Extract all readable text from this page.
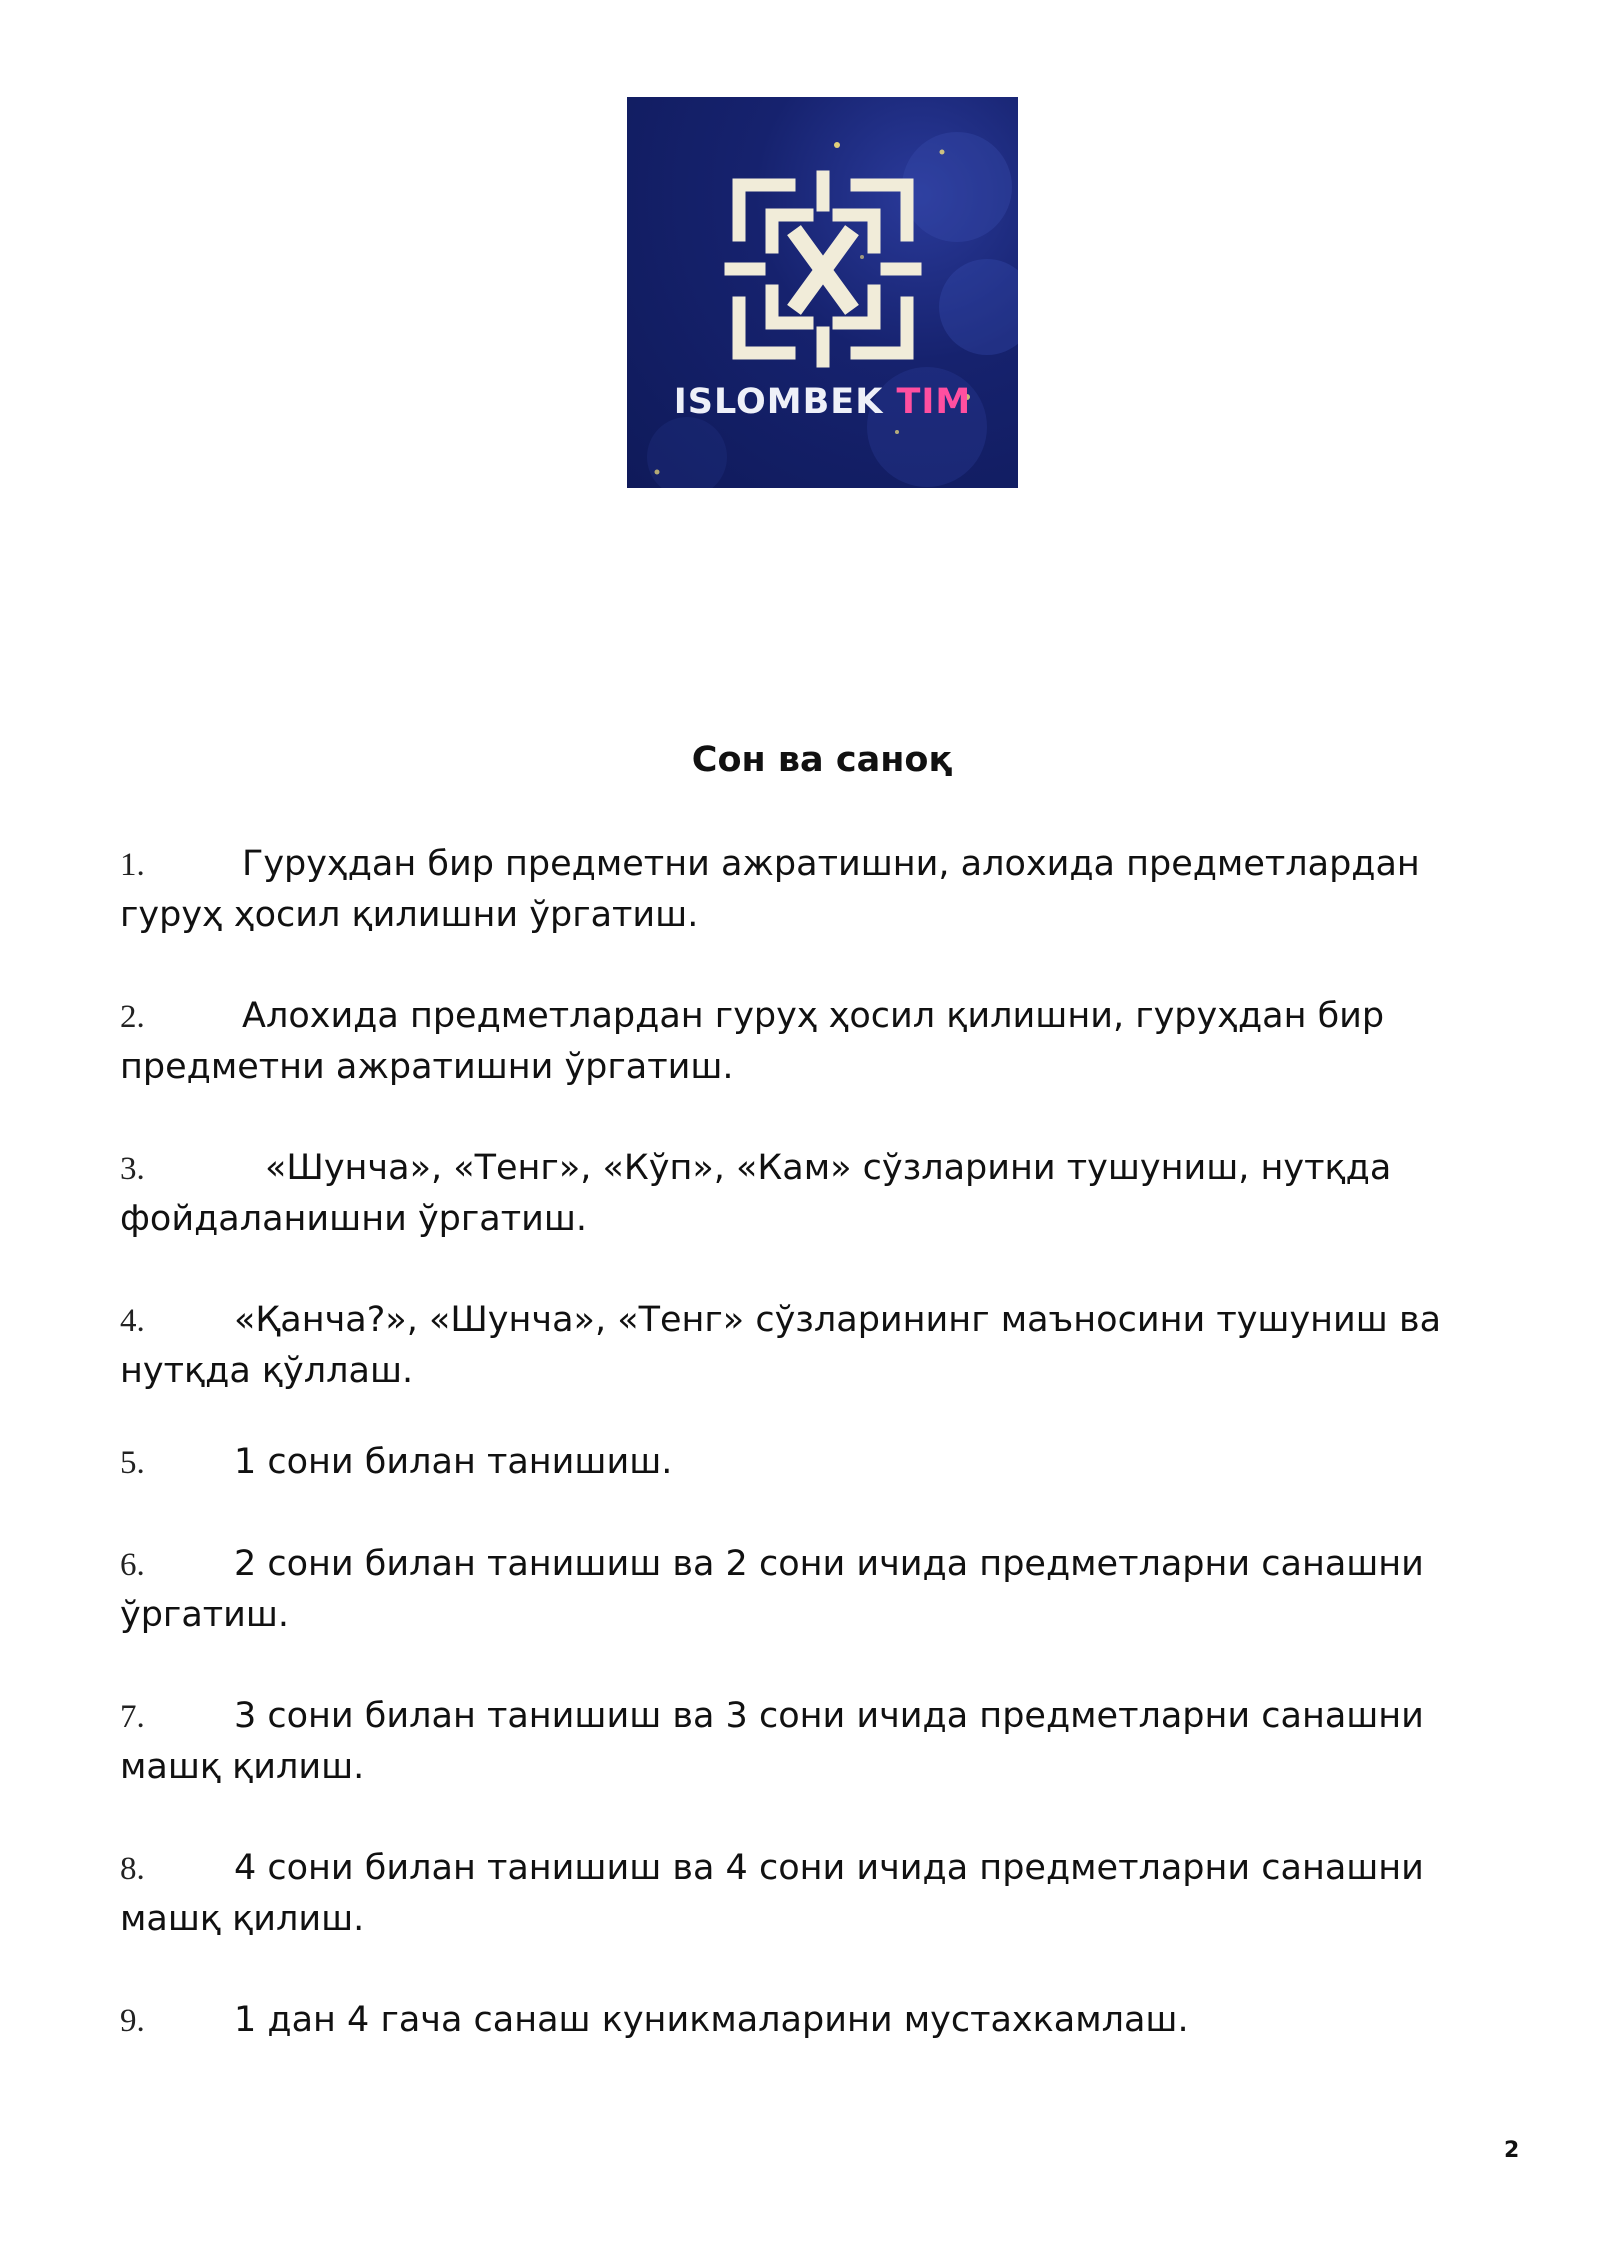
ISLOMBEK TIM
Сон ва саноқ
1.	Гуруҳдан бир предметни ажратишни, алохида предметлардан гуруҳ ҳосил қилишни ўргатиш.

2.	Алохида предметлардан гуруҳ ҳосил қилишни, гуруҳдан бир предметни ажратишни ўргатиш.

3.	«Шунча», «Тенг», «Кўп», «Кам» сўзларини тушуниш, нутқда фойдаланишни ўргатиш.

4.	«Қанча?», «Шунча», «Тенг» сўзларининг маъносини тушуниш ва нутқда қўллаш.

5.	1 сони билан танишиш.

6.	2 сони билан танишиш ва 2 сони ичида предметларни санашни ўргатиш.

7.	3 сони билан танишиш ва 3 сони ичида предметларни санашни машқ қилиш.

8.	4 сони билан танишиш ва 4 сони ичида предметларни санашни машқ қилиш.

9.	1 дан 4 гача санаш куникмаларини мустахкамлаш.

2
